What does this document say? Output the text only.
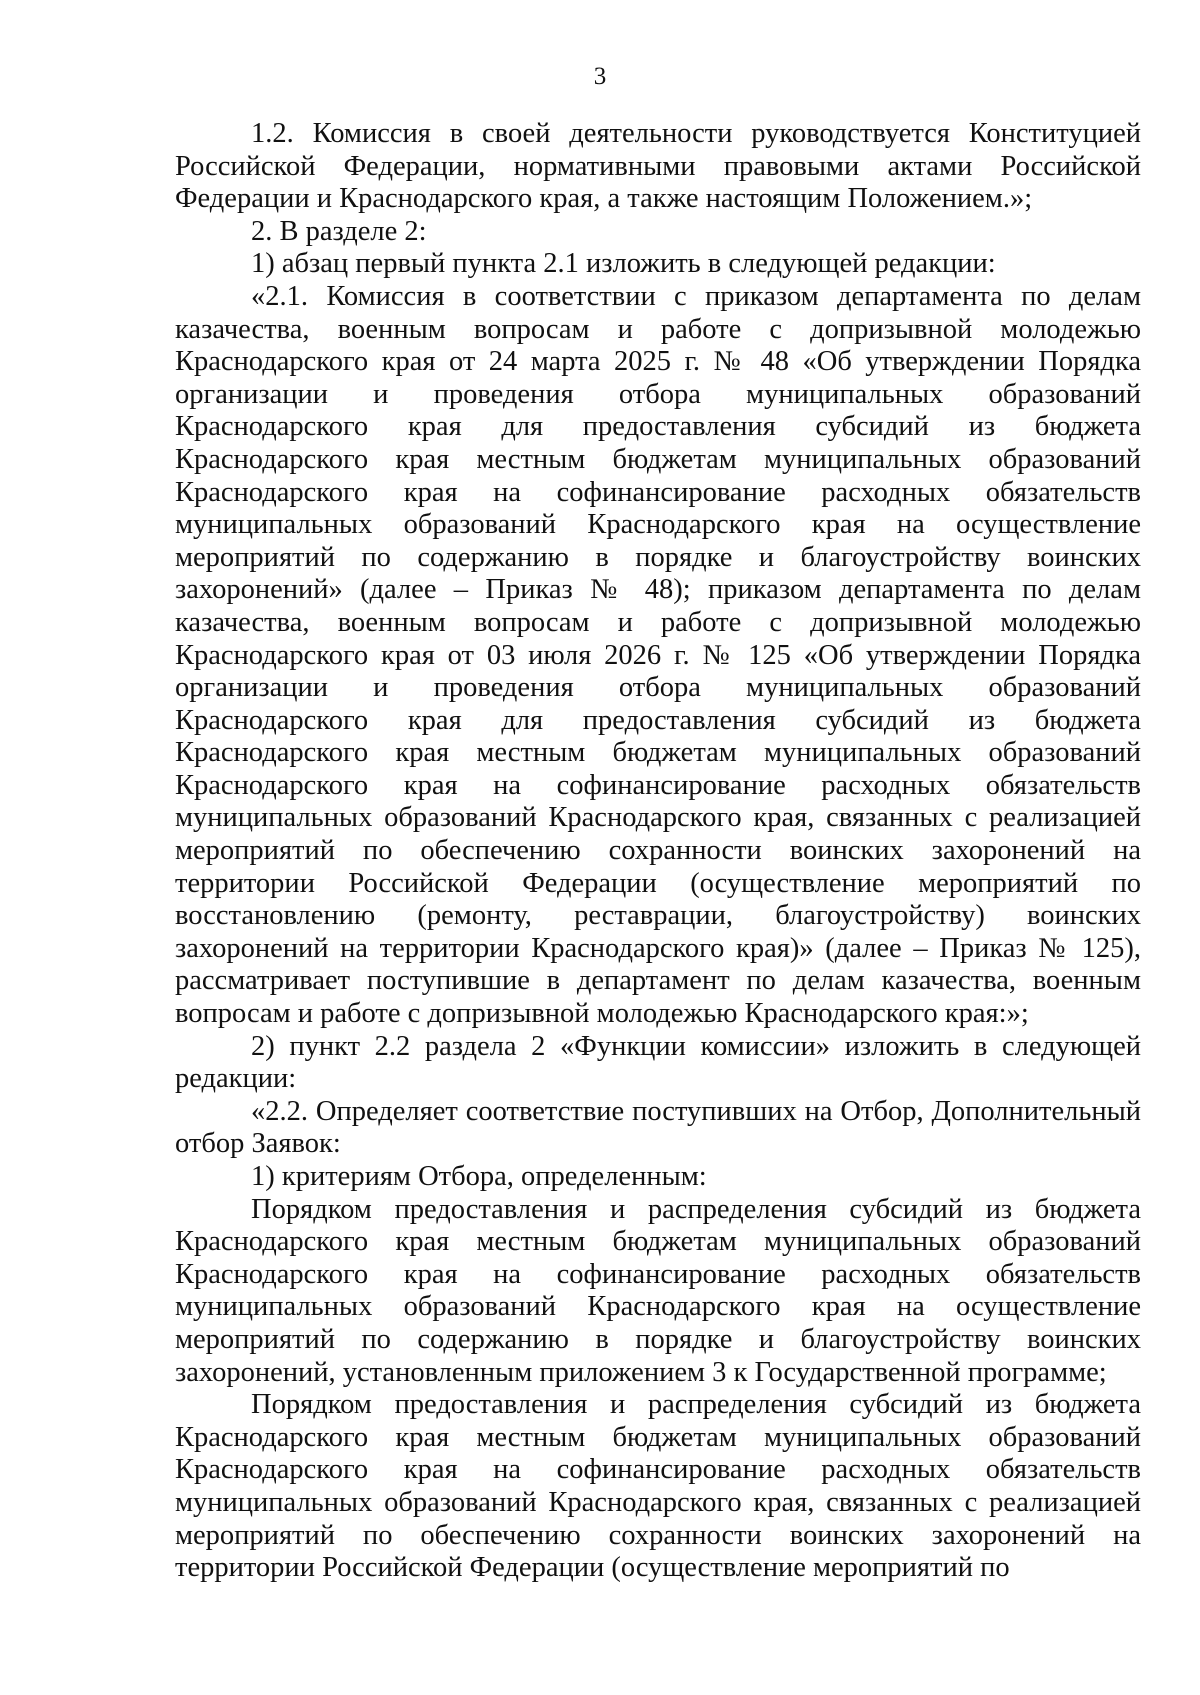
3

1.2. Комиссия в своей деятельности руководствуется Конституцией Российской Федерации, нормативными правовыми актами Российской Федерации и Краснодарского края, а также настоящим Положением.»;

2. В разделе 2:

1) абзац первый пункта 2.1 изложить в следующей редакции:

«2.1. Комиссия в соответствии с приказом департамента по делам казачества, военным вопросам и работе с допризывной молодежью Краснодарского края от 24 марта 2025 г. № 48 «Об утверждении Порядка организации и проведения отбора муниципальных образований Краснодарского края для предоставления субсидий из бюджета Краснодарского края местным бюджетам муниципальных образований Краснодарского края на софинансирование расходных обязательств муниципальных образований Краснодарского края на осуществление мероприятий по содержанию в порядке и благоустройству воинских захоронений» (далее – Приказ № 48); приказом департамента по делам казачества, военным вопросам и работе с допризывной молодежью Краснодарского края от 03 июля 2026 г. № 125 «Об утверждении Порядка организации и проведения отбора муниципальных образований Краснодарского края для предоставления субсидий из бюджета Краснодарского края местным бюджетам муниципальных образований Краснодарского края на софинансирование расходных обязательств муниципальных образований Краснодарского края, связанных с реализацией мероприятий по обеспечению сохранности воинских захоронений на территории Российской Федерации (осуществление мероприятий по восстановлению (ремонту, реставрации, благоустройству) воинских захоронений на территории Краснодарского края)» (далее – Приказ № 125), рассматривает поступившие в департамент по делам казачества, военным вопросам и работе с допризывной молодежью Краснодарского края:»;

2) пункт 2.2 раздела 2 «Функции комиссии» изложить в следующей редакции:

«2.2. Определяет соответствие поступивших на Отбор, Дополнительный отбор Заявок:

1) критериям Отбора, определенным:

Порядком предоставления и распределения субсидий из бюджета Краснодарского края местным бюджетам муниципальных образований Краснодарского края на софинансирование расходных обязательств муниципальных образований Краснодарского края на осуществление мероприятий по содержанию в порядке и благоустройству воинских захоронений, установленным приложением 3 к Государственной программе;

Порядком предоставления и распределения субсидий из бюджета Краснодарского края местным бюджетам муниципальных образований Краснодарского края на софинансирование расходных обязательств муниципальных образований Краснодарского края, связанных с реализацией мероприятий по обеспечению сохранности воинских захоронений на территории Российской Федерации (осуществление мероприятий по
